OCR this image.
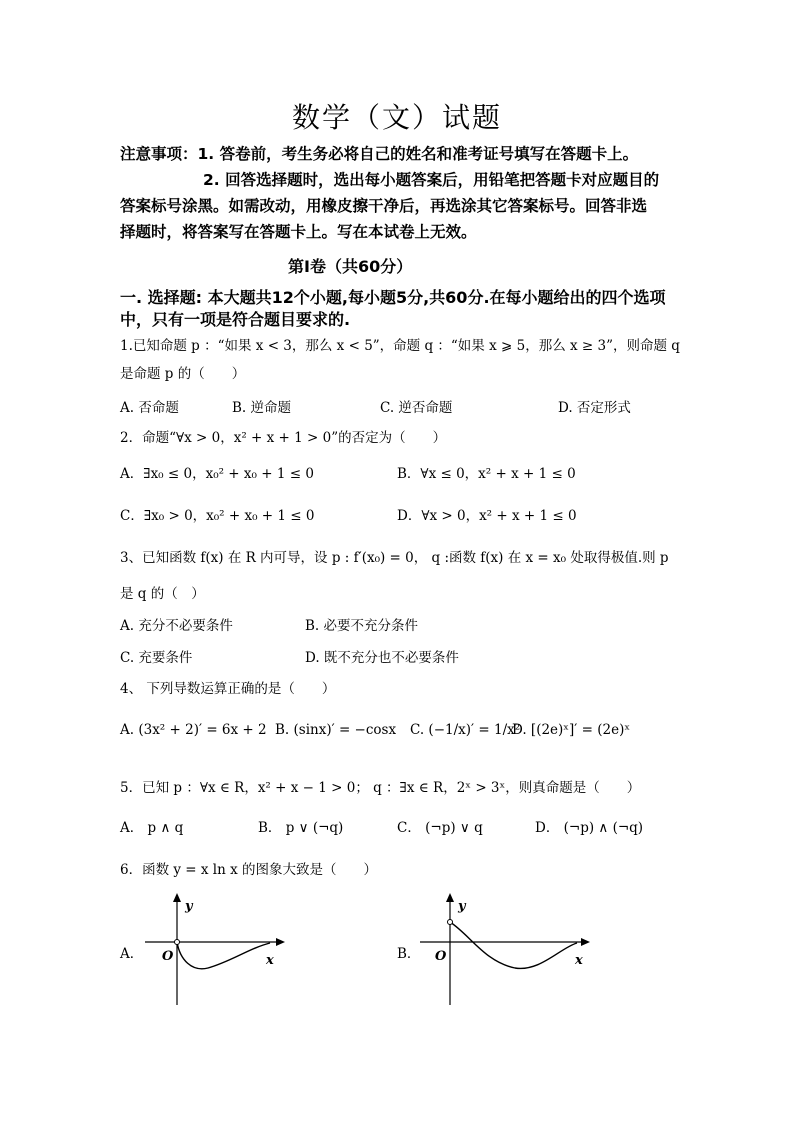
数学（文）试题
注意事项：1. 答卷前，考生务必将自己的姓名和准考证号填写在答题卡上。
2. 回答选择题时，选出每小题答案后，用铅笔把答题卡对应题目的
答案标号涂黑。如需改动，用橡皮擦干净后，再选涂其它答案标号。回答非选
择题时，将答案写在答题卡上。写在本试卷上无效。
第Ⅰ卷（共60分）
一. 选择题: 本大题共12个小题,每小题5分,共60分.在每小题给出的四个选项
中，只有一项是符合题目要求的.
1.已知命题 p ：“如果 x < 3，那么 x < 5”，命题 q ：“如果 x ⩾ 5，那么 x ≥ 3”，则命题 q
是命题 p 的（　　）
A. 否命题	B. 逆命题	C. 逆否命题	D. 否定形式
2．命题“∀x > 0，x² + x + 1 > 0”的否定为（　　）
A．∃x₀ ≤ 0，x₀² + x₀ + 1 ≤ 0	B．∀x ≤ 0，x² + x + 1 ≤ 0
C．∃x₀ > 0，x₀² + x₀ + 1 ≤ 0	D．∀x > 0，x² + x + 1 ≤ 0
3、已知函数 f(x) 在 R 内可导，设 p : f′(x₀) = 0， q :函数 f(x) 在 x = x₀ 处取得极值.则 p
是 q 的（　）
A. 充分不必要条件	B. 必要不充分条件
C. 充要条件	D. 既不充分也不必要条件
4、 下列导数运算正确的是（　　）
A. (3x² + 2)′ = 6x + 2 B. (sinx)′ = −cosx C. (−1/x)′ = 1/x²
D. [(2e)ˣ]′ = (2e)ˣ
5．已知 p ：∀x ∈ R，x² + x − 1 > 0； q ：∃x ∈ R，2ˣ > 3ˣ，则真命题是（　　）
A． p ∧ q	B． p ∨ (¬q)	C． (¬p) ∨ q	D． (¬p) ∧ (¬q)
6．函数 y = x ln x 的图象大致是（　　）
A．	B．
y
O	x
y
O	x
